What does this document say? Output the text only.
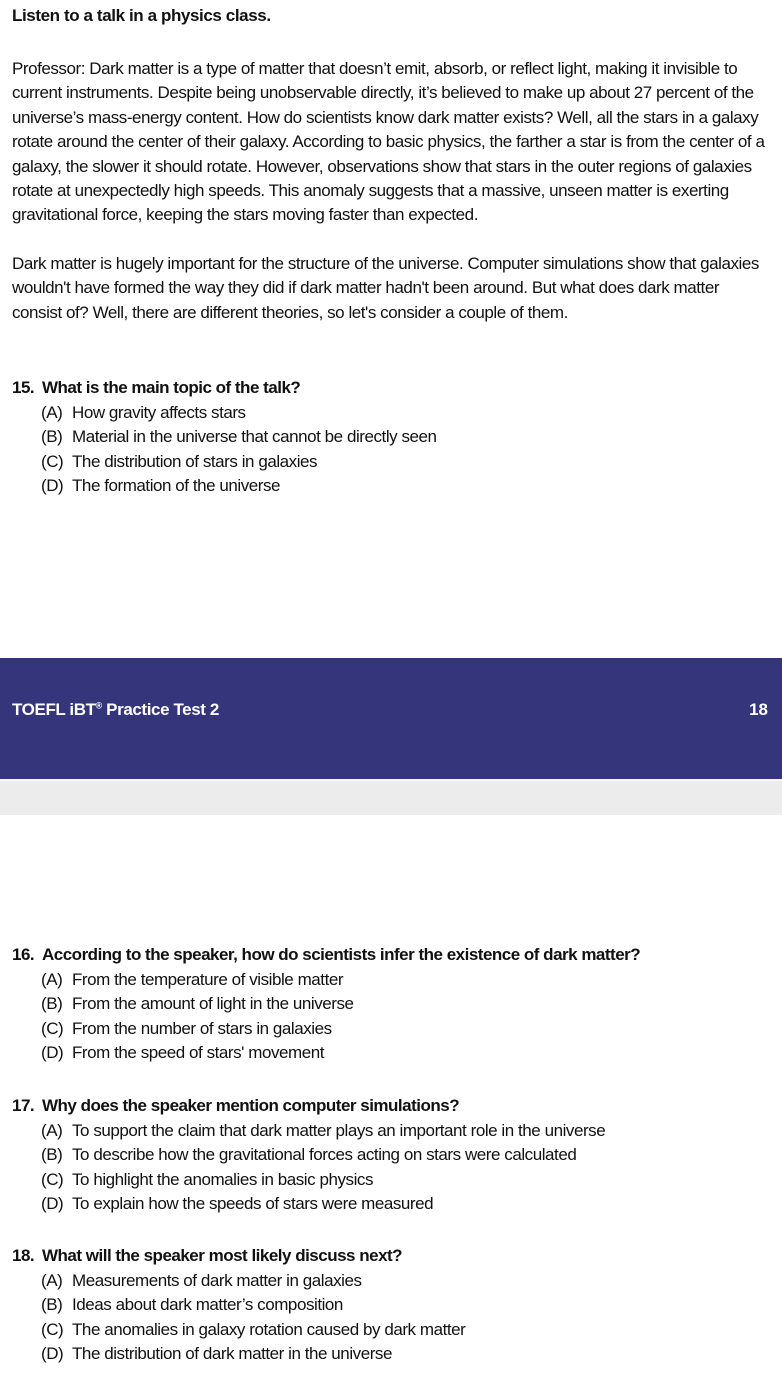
Listen to a talk in a physics class.

Professor: Dark matter is a type of matter that doesn’t emit, absorb, or reflect light, making it invisible to current instruments. Despite being unobservable directly, it’s believed to make up about 27 percent of the universe’s mass-energy content. How do scientists know dark matter exists? Well, all the stars in a galaxy rotate around the center of their galaxy. According to basic physics, the farther a star is from the center of a galaxy, the slower it should rotate. However, observations show that stars in the outer regions of galaxies rotate at unexpectedly high speeds. This anomaly suggests that a massive, unseen matter is exerting gravitational force, keeping the stars moving faster than expected.

Dark matter is hugely important for the structure of the universe. Computer simulations show that galaxies wouldn't have formed the way they did if dark matter hadn't been around. But what does dark matter consist of? Well, there are different theories, so let's consider a couple of them.

15. What is the main topic of the talk?
(A) How gravity affects stars
(B) Material in the universe that cannot be directly seen
(C) The distribution of stars in galaxies
(D) The formation of the universe
TOEFL iBT® Practice Test 2	18
16. According to the speaker, how do scientists infer the existence of dark matter?
(A) From the temperature of visible matter
(B) From the amount of light in the universe
(C) From the number of stars in galaxies
(D) From the speed of stars' movement
17. Why does the speaker mention computer simulations?
(A) To support the claim that dark matter plays an important role in the universe
(B) To describe how the gravitational forces acting on stars were calculated
(C) To highlight the anomalies in basic physics
(D) To explain how the speeds of stars were measured
18. What will the speaker most likely discuss next?
(A) Measurements of dark matter in galaxies
(B) Ideas about dark matter’s composition
(C) The anomalies in galaxy rotation caused by dark matter
(D) The distribution of dark matter in the universe
